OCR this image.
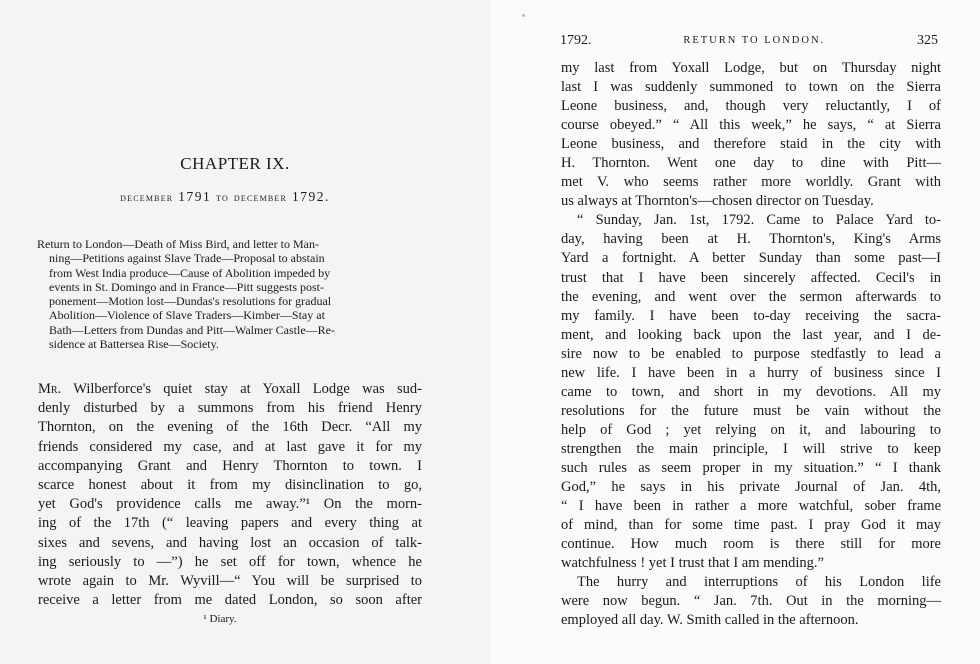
CHAPTER IX.
december 1791 to december 1792.
Return to London—Death of Miss Bird, and letter to Man-
ning—Petitions against Slave Trade—Proposal to abstain
from West India produce—Cause of Abolition impeded by
events in St. Domingo and in France—Pitt suggests post-
ponement—Motion lost—Dundas's resolutions for gradual
Abolition—Violence of Slave Traders—Kimber—Stay at
Bath—Letters from Dundas and Pitt—Walmer Castle—Re-
sidence at Battersea Rise—Society.
Mr. Wilberforce's quiet stay at Yoxall Lodge was sud-
denly disturbed by a summons from his friend Henry
Thornton, on the evening of the 16th Decr. “All my
friends considered my case, and at last gave it for my
accompanying Grant and Henry Thornton to town. I
scarce honest about it from my disinclination to go,
yet God's providence calls me away.”¹ On the morn-
ing of the 17th (“ leaving papers and every thing at
sixes and sevens, and having lost an occasion of talk-
ing seriously to —”) he set off for town, whence he
wrote again to Mr. Wyvill—“ You will be surprised to
receive a letter from me dated London, so soon after
¹ Diary.
1792.	RETURN TO LONDON.	325
my last from Yoxall Lodge, but on Thursday night
last I was suddenly summoned to town on the Sierra
Leone business, and, though very reluctantly, I of
course obeyed.” “ All this week,” he says, “ at Sierra
Leone business, and therefore staid in the city with
H. Thornton. Went one day to dine with Pitt—
met V. who seems rather more worldly. Grant with
us always at Thornton's—chosen director on Tuesday.
“ Sunday, Jan. 1st, 1792. Came to Palace Yard to-
day, having been at H. Thornton's, King's Arms
Yard a fortnight. A better Sunday than some past—I
trust that I have been sincerely affected. Cecil's in
the evening, and went over the sermon afterwards to
my family. I have been to-day receiving the sacra-
ment, and looking back upon the last year, and I de-
sire now to be enabled to purpose stedfastly to lead a
new life. I have been in a hurry of business since I
came to town, and short in my devotions. All my
resolutions for the future must be vain without the
help of God ; yet relying on it, and labouring to
strengthen the main principle, I will strive to keep
such rules as seem proper in my situation.” “ I thank
God,” he says in his private Journal of Jan. 4th,
“ I have been in rather a more watchful, sober frame
of mind, than for some time past. I pray God it may
continue. How much room is there still for more
watchfulness ! yet I trust that I am mending.”
The hurry and interruptions of his London life
were now begun. “ Jan. 7th. Out in the morning—
employed all day. W. Smith called in the afternoon.
